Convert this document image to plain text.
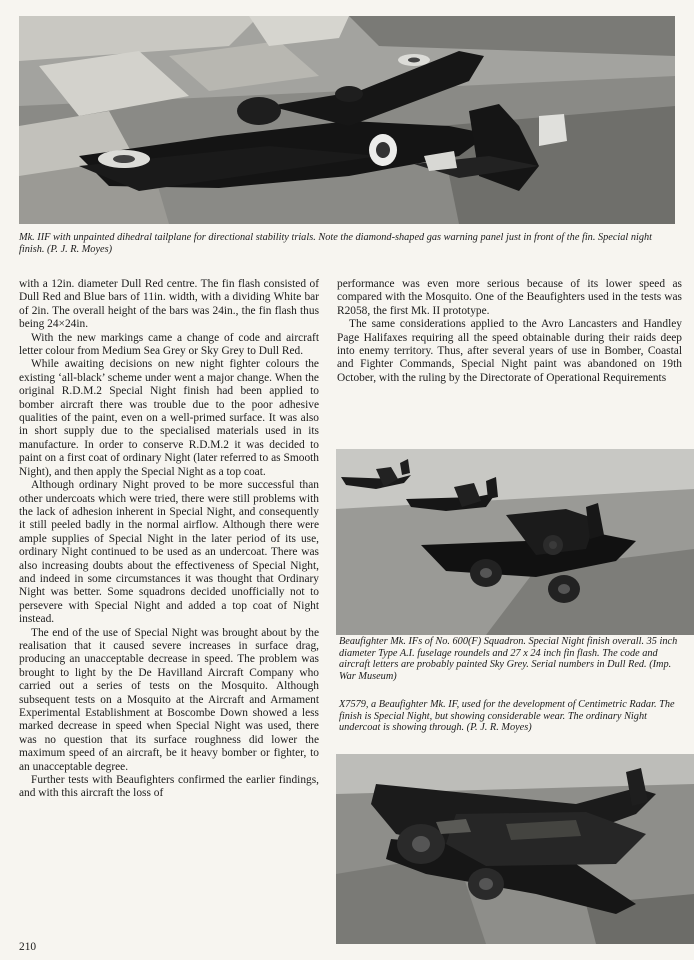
Mk. IIF with unpainted dihedral tailplane for directional stability trials. Note the diamond-shaped gas warning panel just in front of the fin. Special night finish. (P. J. R. Moyes)

with a 12in. diameter Dull Red centre. The fin flash consisted of Dull Red and Blue bars of 11in. width, with a dividing White bar of 2in. The overall height of the bars was 24in., the fin flash thus being 24×24in.

With the new markings came a change of code and aircraft letter colour from Medium Sea Grey or Sky Grey to Dull Red.

While awaiting decisions on new night fighter colours the existing ‘all-black’ scheme under went a major change. When the original R.D.M.2 Special Night finish had been applied to bomber aircraft there was trouble due to the poor adhesive qualities of the paint, even on a well-primed surface. It was also in short supply due to the specialised materials used in its manufacture. In order to conserve R.D.M.2 it was decided to paint on a first coat of ordinary Night (later referred to as Smooth Night), and then apply the Special Night as a top coat.

Although ordinary Night proved to be more successful than other undercoats which were tried, there were still problems with the lack of adhesion inherent in Special Night, and consequently it still peeled badly in the normal airflow. Although there were ample supplies of Special Night in the later period of its use, ordinary Night continued to be used as an undercoat. There was also increasing doubts about the effectiveness of Special Night, and indeed in some circumstances it was thought that Ordinary Night was better. Some squadrons decided unofficially not to persevere with Special Night and added a top coat of Night instead.

The end of the use of Special Night was brought about by the realisation that it caused severe increases in surface drag, producing an unacceptable decrease in speed. The problem was brought to light by the De Havilland Aircraft Company who carried out a series of tests on the Mosquito. Although subsequent tests on a Mosquito at the Aircraft and Armament Experimental Establishment at Boscombe Down showed a less marked decrease in speed when Special Night was used, there was no question that its surface roughness did lower the maximum speed of an aircraft, be it heavy bomber or fighter, to an unacceptable degree.

Further tests with Beaufighters confirmed the earlier findings, and with this aircraft the loss of

performance was even more serious because of its lower speed as compared with the Mosquito. One of the Beaufighters used in the tests was R2058, the first Mk. II prototype.

The same considerations applied to the Avro Lancasters and Handley Page Halifaxes requiring all the speed obtainable during their raids deep into enemy territory. Thus, after several years of use in Bomber, Coastal and Fighter Commands, Special Night paint was abandoned on 19th October, with the ruling by the Directorate of Operational Requirements

Beaufighter Mk. IFs of No. 600(F) Squadron. Special Night finish overall. 35 inch diameter Type A.I. fuselage roundels and 27 x 24 inch fin flash. The code and aircraft letters are probably painted Sky Grey. Serial numbers in Dull Red. (Imp. War Museum)

X7579, a Beaufighter Mk. IF, used for the development of Centimetric Radar. The finish is Special Night, but showing considerable wear. The ordinary Night undercoat is showing through. (P. J. R. Moyes)

210
